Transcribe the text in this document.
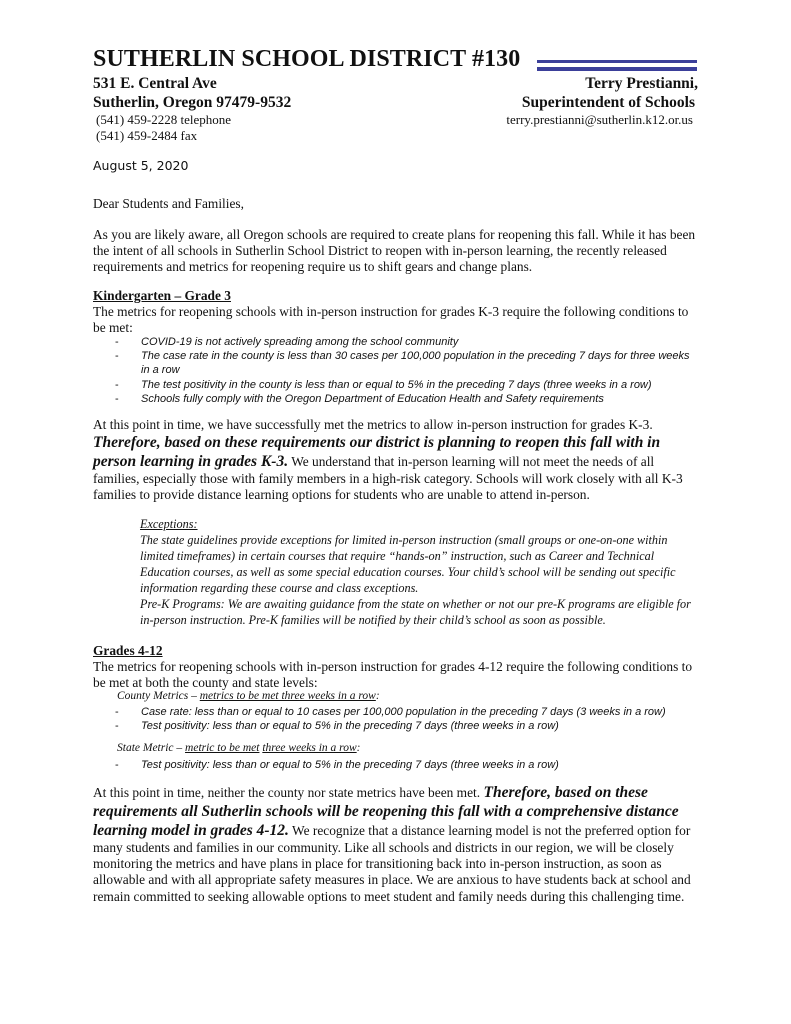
SUTHERLIN SCHOOL DISTRICT #130
531 E. Central Ave
Sutherlin, Oregon 97479-9532
(541) 459-2228 telephone
(541) 459-2484 fax
Terry Prestianni,
Superintendent of Schools
terry.prestianni@sutherlin.k12.or.us
August 5, 2020
Dear Students and Families,
As you are likely aware, all Oregon schools are required to create plans for reopening this fall. While it has been the intent of all schools in Sutherlin School District to reopen with in-person learning, the recently released requirements and metrics for reopening require us to shift gears and change plans.
Kindergarten – Grade 3
The metrics for reopening schools with in-person instruction for grades K-3 require the following conditions to be met:
- COVID-19 is not actively spreading among the school community
- The case rate in the county is less than 30 cases per 100,000 population in the preceding 7 days for three weeks in a row
- The test positivity in the county is less than or equal to 5% in the preceding 7 days (three weeks in a row)
- Schools fully comply with the Oregon Department of Education Health and Safety requirements
At this point in time, we have successfully met the metrics to allow in-person instruction for grades K-3. Therefore, based on these requirements our district is planning to reopen this fall with in person learning in grades K-3. We understand that in-person learning will not meet the needs of all families, especially those with family members in a high-risk category. Schools will work closely with all K-3 families to provide distance learning options for students who are unable to attend in-person.
Exceptions:
The state guidelines provide exceptions for limited in-person instruction (small groups or one-on-one within limited timeframes) in certain courses that require “hands-on” instruction, such as Career and Technical Education courses, as well as some special education courses. Your child’s school will be sending out specific information regarding these course and class exceptions.
Pre-K Programs: We are awaiting guidance from the state on whether or not our pre-K programs are eligible for in-person instruction. Pre-K families will be notified by their child’s school as soon as possible.
Grades 4-12
The metrics for reopening schools with in-person instruction for grades 4-12 require the following conditions to be met at both the county and state levels:
County Metrics – metrics to be met three weeks in a row:
- Case rate: less than or equal to 10 cases per 100,000 population in the preceding 7 days (3 weeks in a row)
- Test positivity: less than or equal to 5% in the preceding 7 days (three weeks in a row)
State Metric – metric to be met three weeks in a row:
- Test positivity: less than or equal to 5% in the preceding 7 days (three weeks in a row)
At this point in time, neither the county nor state metrics have been met. Therefore, based on these requirements all Sutherlin schools will be reopening this fall with a comprehensive distance learning model in grades 4-12. We recognize that a distance learning model is not the preferred option for many students and families in our community. Like all schools and districts in our region, we will be closely monitoring the metrics and have plans in place for transitioning back into in-person instruction, as soon as allowable and with all appropriate safety measures in place. We are anxious to have students back at school and remain committed to seeking allowable options to meet student and family needs during this challenging time.
